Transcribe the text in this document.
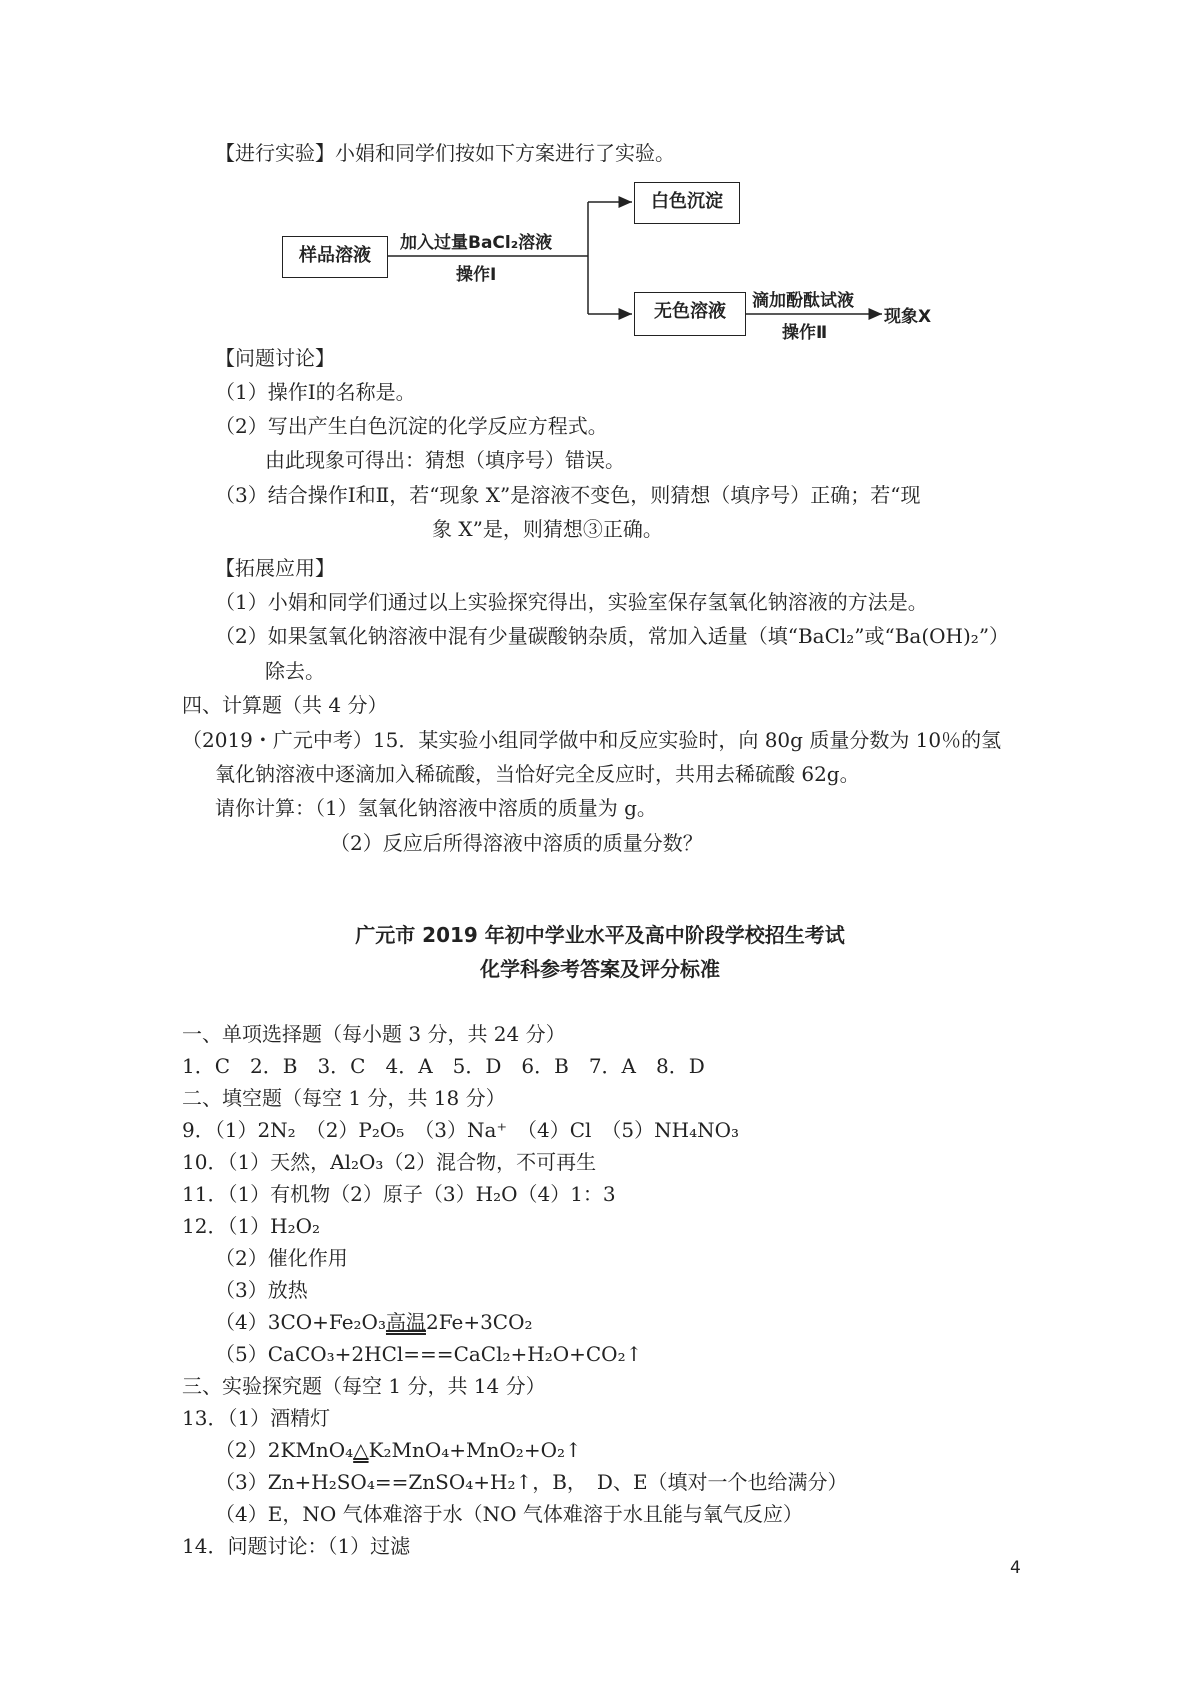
【进行实验】小娟和同学们按如下方案进行了实验。
样品溶液
加入过量BaCl₂溶液
操作Ⅰ
白色沉淀
无色溶液	滴加酚酞试液
操作Ⅱ
现象X
【问题讨论】
（1）操作Ⅰ的名称是。
（2）写出产生白色沉淀的化学反应方程式。
由此现象可得出：猜想（填序号）错误。
（3）结合操作Ⅰ和Ⅱ，若“现象 X”是溶液不变色，则猜想（填序号）正确；若“现
象 X”是，则猜想③正确。
【拓展应用】
（1）小娟和同学们通过以上实验探究得出，实验室保存氢氧化钠溶液的方法是。
（2）如果氢氧化钠溶液中混有少量碳酸钠杂质，常加入适量（填“BaCl₂”或“Ba(OH)₂”）
除去。
四、计算题（共 4 分）
（2019・广元中考）15．某实验小组同学做中和反应实验时，向 80g 质量分数为 10％的氢
氧化钠溶液中逐滴加入稀硫酸，当恰好完全反应时，共用去稀硫酸 62g。
请你计算：（1）氢氧化钠溶液中溶质的质量为 g。
（2）反应后所得溶液中溶质的质量分数？
广元市 2019 年初中学业水平及高中阶段学校招生考试
化学科参考答案及评分标准
一、单项选择题（每小题 3 分，共 24 分）
1．C　2．B　3．C　4．A　5．D　6．B　7．A　8．D
二、填空题（每空 1 分，共 18 分）
9．（1）2N₂　（2）P₂O₅　（3）Na⁺　（4）Cl　（5）NH₄NO₃
10．（1）天然，Al₂O₃（2）混合物，不可再生
11．（1）有机物（2）原子（3）H₂O（4）1：3
12．（1）H₂O₂
（2）催化作用
（3）放热
（4）3CO+Fe₂O₃高温2Fe+3CO₂
（5）CaCO₃+2HCl===CaCl₂+H₂O+CO₂↑
三、实验探究题（每空 1 分，共 14 分）
13．（1）酒精灯
（2）2KMnO₄△K₂MnO₄+MnO₂+O₂↑
（3）Zn+H₂SO₄==ZnSO₄+H₂↑，B，　D、E（填对一个也给满分）
（4）E，NO 气体难溶于水（NO 气体难溶于水且能与氧气反应）
14．问题讨论：（1）过滤
4
